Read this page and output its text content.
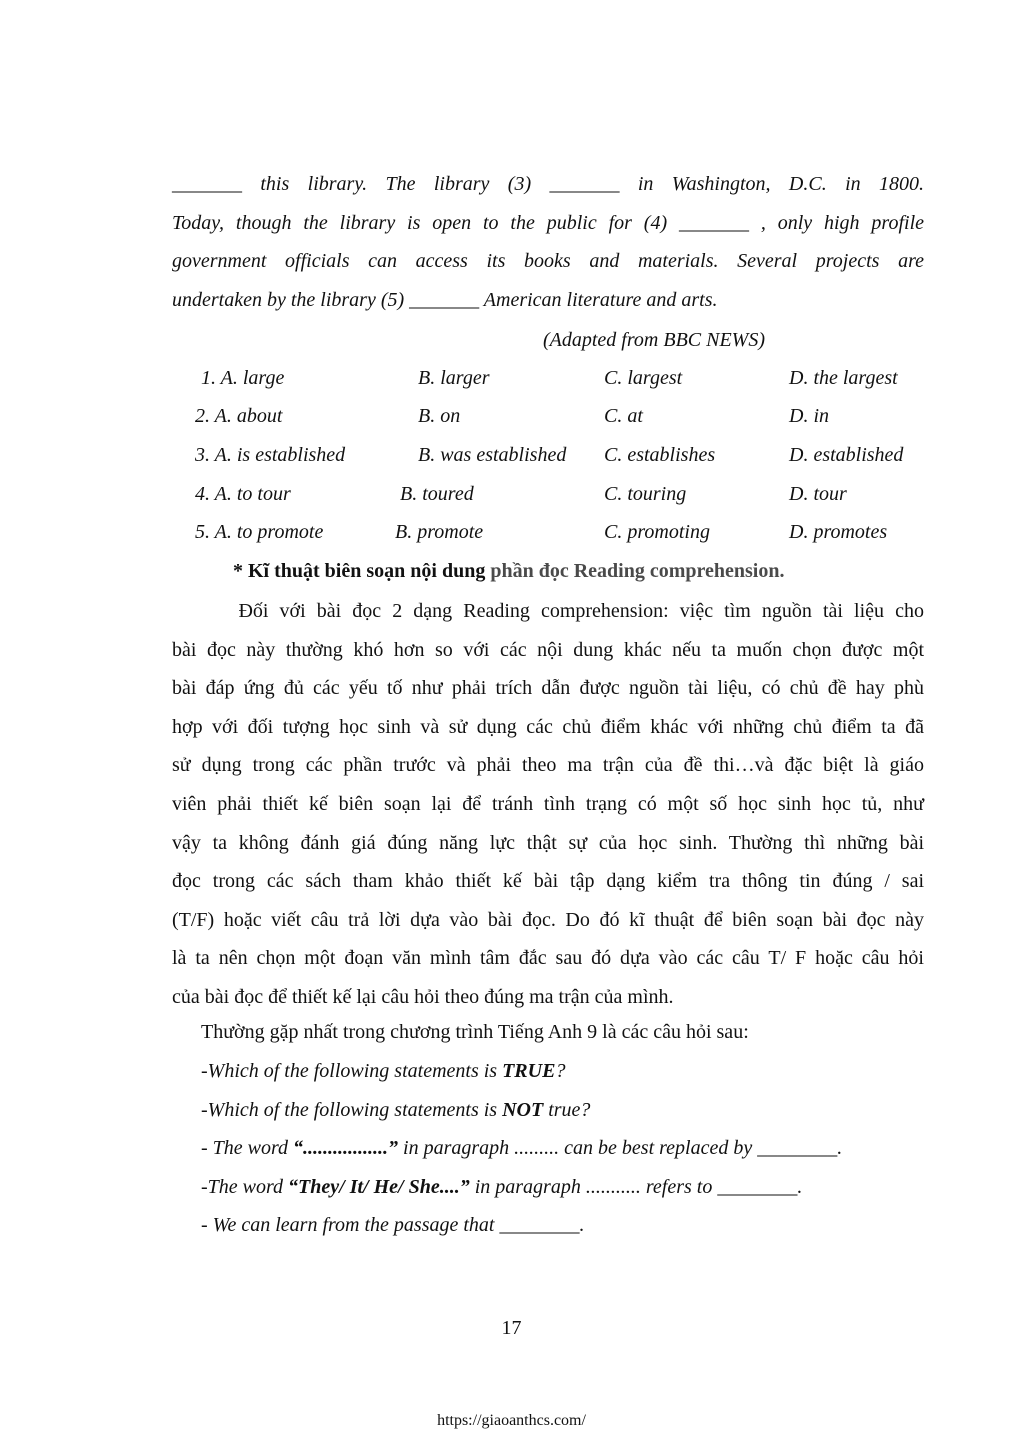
_______ this library. The library (3) _______ in Washington, D.C. in 1800.
Today, though the library is open to the public for (4) _______ , only high profile
government officials can access its books and materials. Several projects are
undertaken by the library (5) _______ American literature and arts.
(Adapted from BBC NEWS)
1. A. large	B. larger	C. largest	D. the largest
2. A. about	B. on	C. at	D. in
3. A. is established	B. was established C. establishes	D. established
4. A. to tour	B. toured	C. touring	D. tour
5. A. to promote	B. promote	C. promoting	D. promotes
* Kĩ thuật biên soạn nội dung phần đọc Reading comprehension.
Đối với bài đọc 2 dạng Reading comprehension: việc tìm nguồn tài liệu cho
bài đọc này thường khó hơn so với các nội dung khác nếu ta muốn chọn được một
bài đáp ứng đủ các yếu tố như phải trích dẫn được nguồn tài liệu, có chủ đề hay phù
hợp với đối tượng học sinh và sử dụng các chủ điểm khác với những chủ điểm ta đã
sử dụng trong các phần trước và phải theo ma trận của đề thi…và đặc biệt là giáo
viên phải thiết kế biên soạn lại để tránh tình trạng có một số học sinh học tủ, như
vậy ta không đánh giá đúng năng lực thật sự của học sinh. Thường thì những bài
đọc trong các sách tham khảo thiết kế bài tập dạng kiểm tra thông tin đúng / sai
(T/F) hoặc viết câu trả lời dựa vào bài đọc. Do đó kĩ thuật để biên soạn bài đọc này
là ta nên chọn một đoạn văn mình tâm đắc sau đó dựa vào các câu T/ F hoặc câu hỏi
của bài đọc để thiết kế lại câu hỏi theo đúng ma trận của mình.
Thường gặp nhất trong chương trình Tiếng Anh 9 là các câu hỏi sau:
-Which of the following statements is TRUE?
-Which of the following statements is NOT true?
- The word “.................” in paragraph ......... can be best replaced by ________.
-The word “They/ It/ He/ She....” in paragraph ........... refers to ________.
- We can learn from the passage that ________.
17
https://giaoanthcs.com/
